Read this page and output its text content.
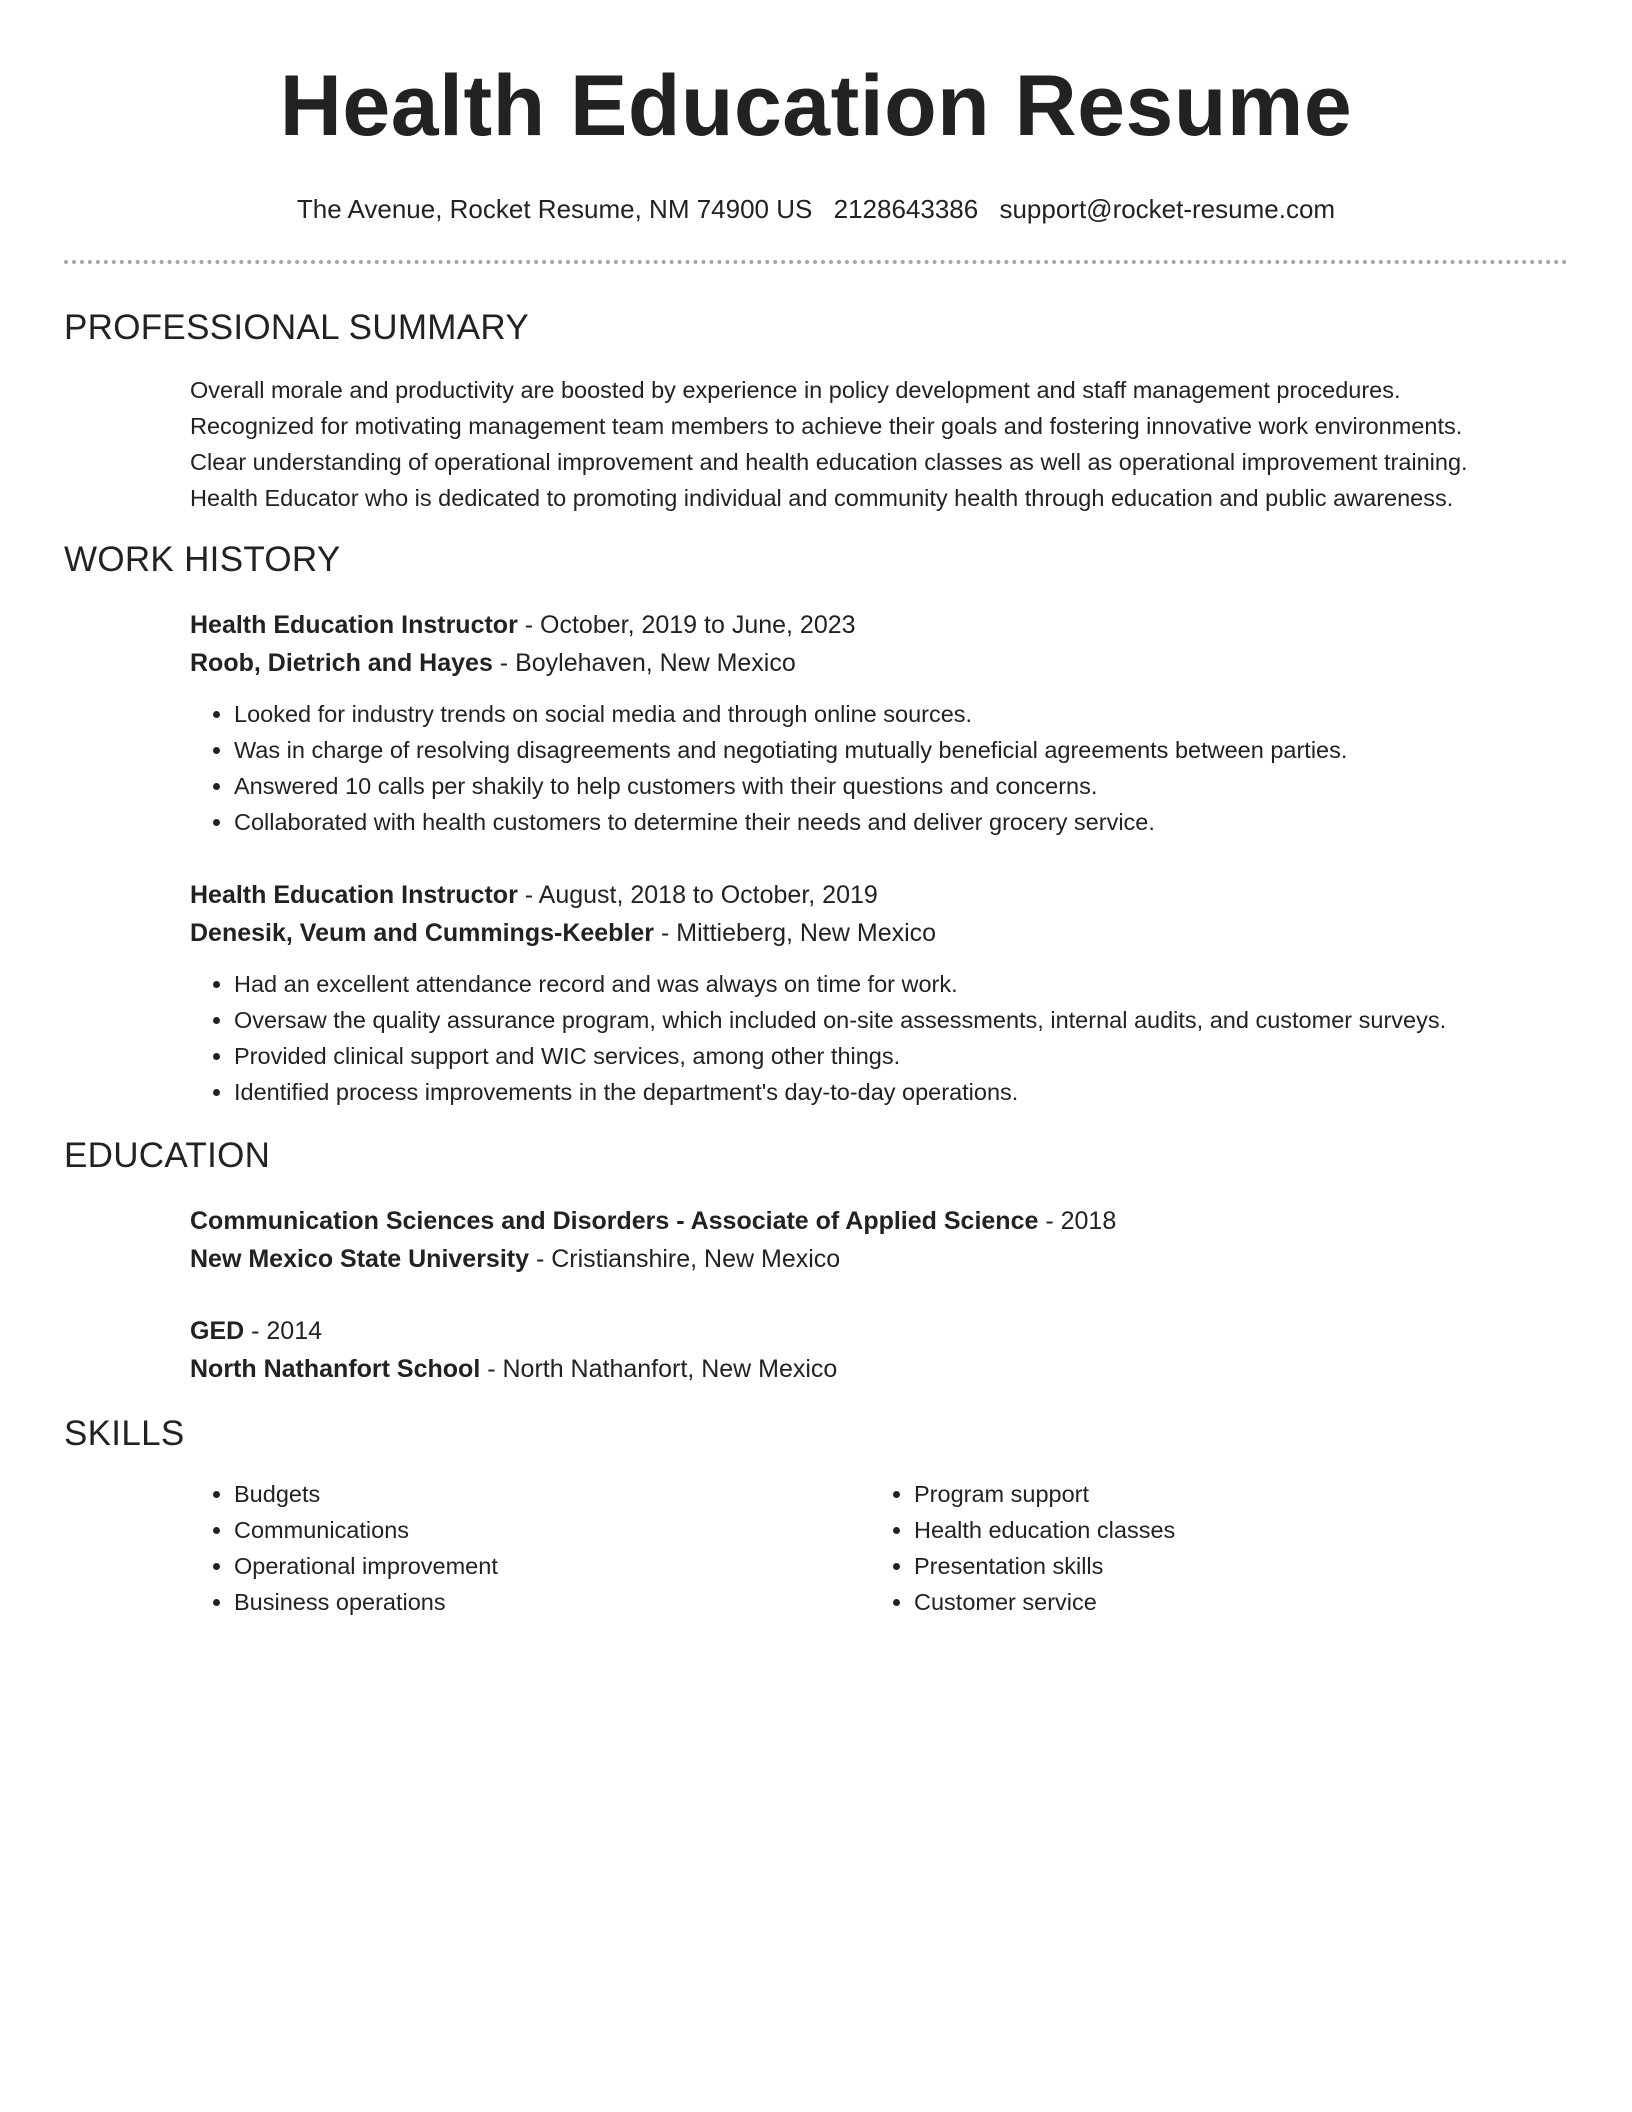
Health Education Resume
The Avenue, Rocket Resume, NM 74900 US 2128643386 support@rocket-resume.com
PROFESSIONAL SUMMARY
Overall morale and productivity are boosted by experience in policy development and staff management procedures.
Recognized for motivating management team members to achieve their goals and fostering innovative work environments.
Clear understanding of operational improvement and health education classes as well as operational improvement training.
Health Educator who is dedicated to promoting individual and community health through education and public awareness.
WORK HISTORY
Health Education Instructor - October, 2019 to June, 2023
Roob, Dietrich and Hayes - Boylehaven, New Mexico
• Looked for industry trends on social media and through online sources.
• Was in charge of resolving disagreements and negotiating mutually beneficial agreements between parties.
• Answered 10 calls per shakily to help customers with their questions and concerns.
• Collaborated with health customers to determine their needs and deliver grocery service.
Health Education Instructor - August, 2018 to October, 2019
Denesik, Veum and Cummings-Keebler - Mittieberg, New Mexico
• Had an excellent attendance record and was always on time for work.
• Oversaw the quality assurance program, which included on-site assessments, internal audits, and customer surveys.
• Provided clinical support and WIC services, among other things.
• Identified process improvements in the department's day-to-day operations.
EDUCATION
Communication Sciences and Disorders - Associate of Applied Science - 2018
New Mexico State University - Cristianshire, New Mexico
GED - 2014
North Nathanfort School - North Nathanfort, New Mexico
SKILLS
• Budgets
• Communications
• Operational improvement
• Business operations
• Program support
• Health education classes
• Presentation skills
• Customer service
